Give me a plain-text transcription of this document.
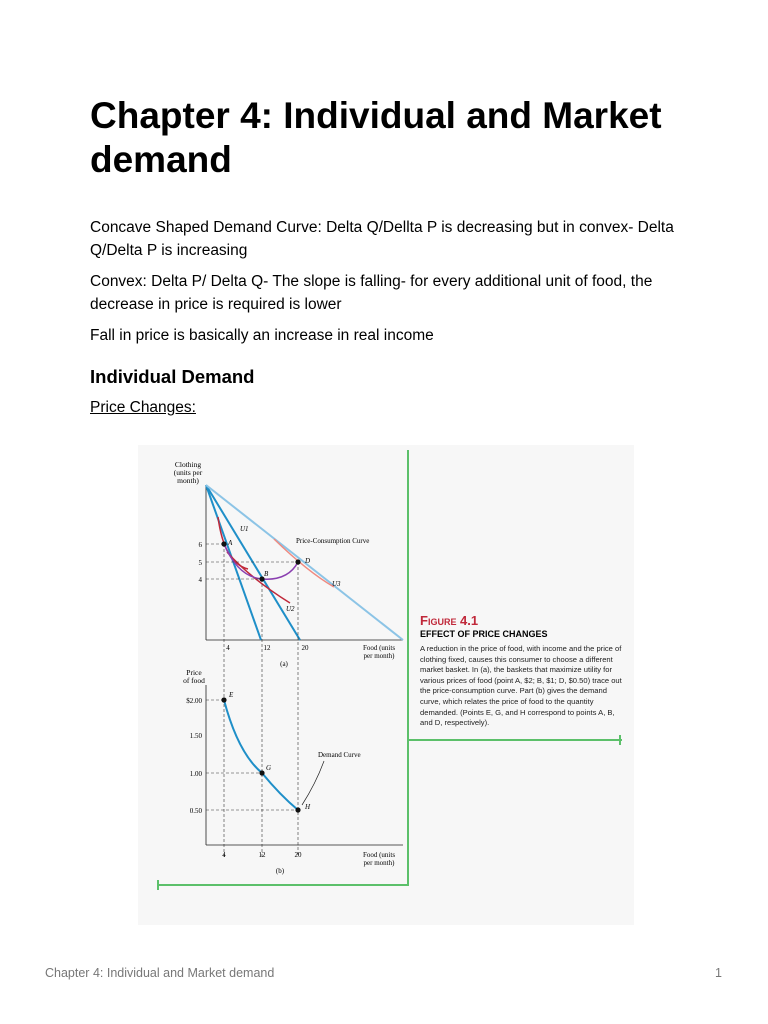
Chapter 4: Individual and Market demand

Concave Shaped Demand Curve: Delta Q/Dellta P is decreasing but in convex- Delta Q/Delta P is increasing

Convex: Delta P/ Delta Q- The slope is falling- for every additional unit of food, the decrease in price is required is lower

Fall in price is basically an increase in real income

Individual Demand

Price Changes:

Clothing
(units per
month)
A
B
D
U1
U2
U3
Price-Consumption Curve
6
5
4
4	12	20	Food (units
per month)
(a)
Price
of food
E
G
H
Demand Curve
$2.00
1.50
1.00
0.50
4	12	20	Food (units
per month)
(b)
Figure 4.1
EFFECT OF PRICE CHANGES
A reduction in the price of food, with income and the price of clothing fixed, causes this consumer to choose a different market basket. In (a), the baskets that maximize utility for various prices of food (point A, $2; B, $1; D, $0.50) trace out the price-consumption curve. Part (b) gives the demand curve, which relates the price of food to the quantity demanded. (Points E, G, and H correspond to points A, B, and D, respectively).
Chapter 4: Individual and Market demand	1
